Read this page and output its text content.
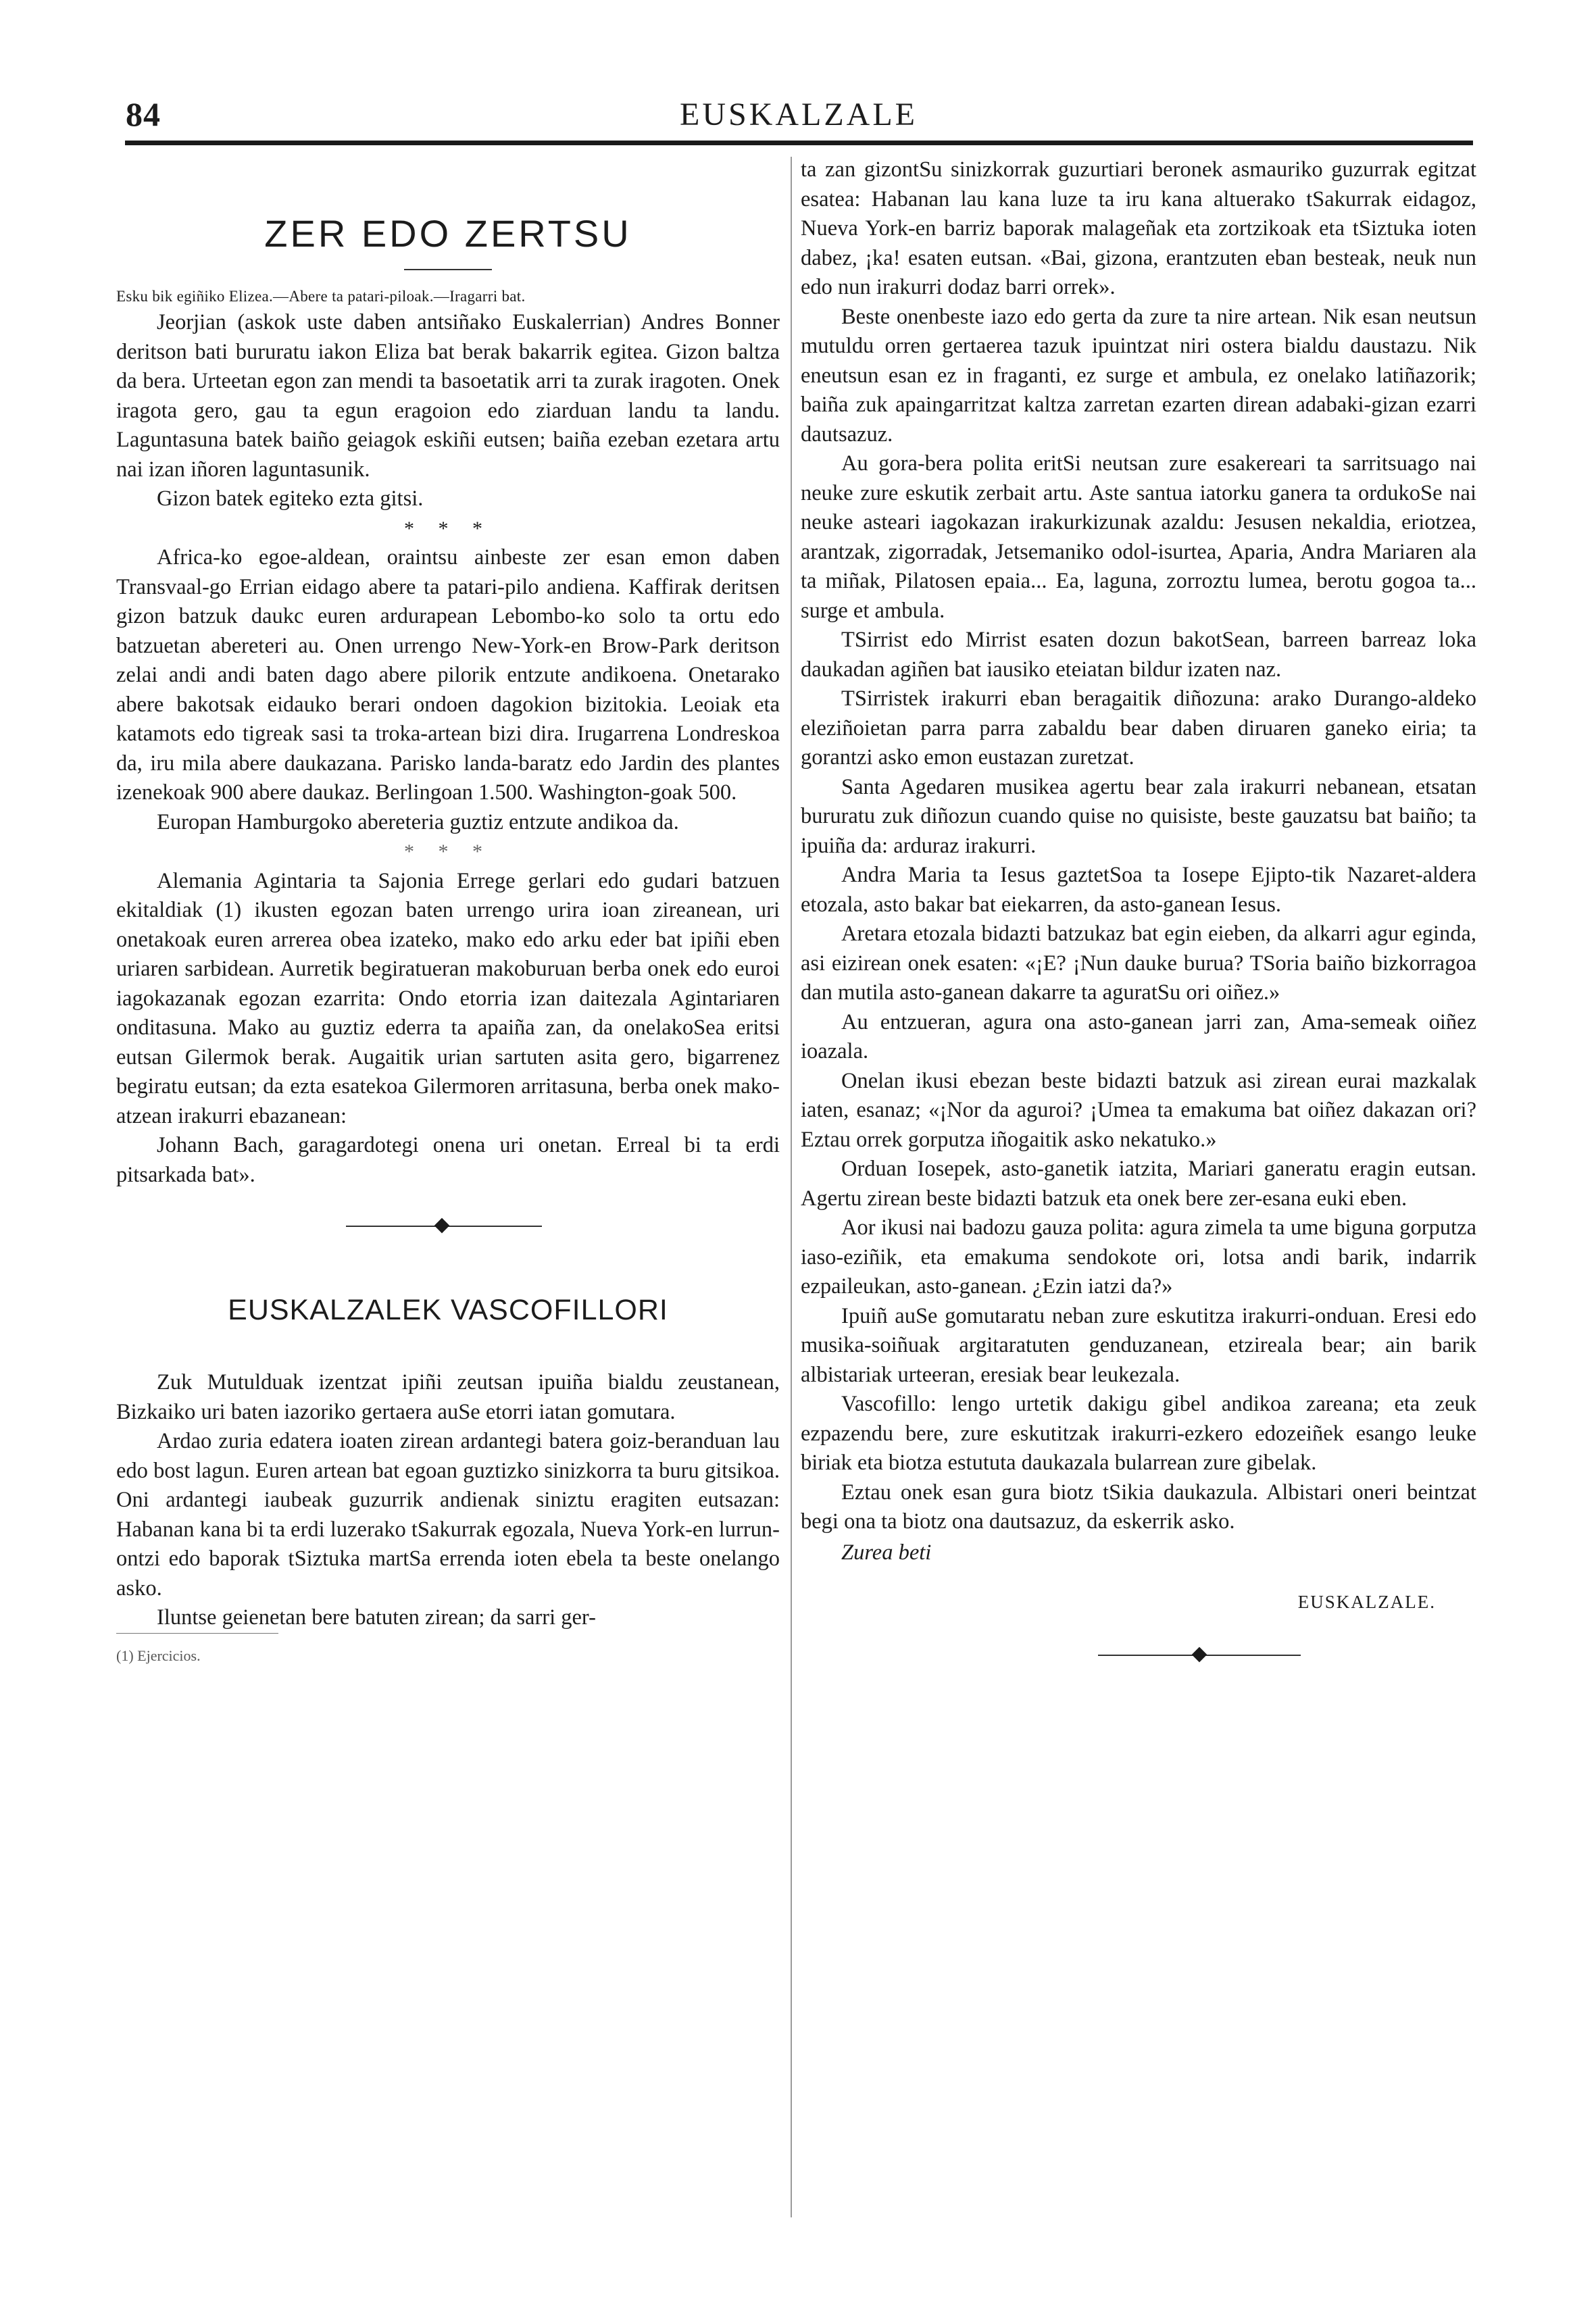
84	EUSKALZALE
ZER EDO ZERTSU

Esku bik egiñiko Elizea.—Abere ta patari-piloak.—Iragarri bat.

Jeorjian (askok uste daben antsiñako Euskalerrian) Andres Bonner deritson bati bururatu iakon Eliza bat berak bakarrik egitea. Gizon baltza da bera. Urteetan egon zan mendi ta basoetatik arri ta zurak iragoten. Onek iragota gero, gau ta egun eragoion edo ziarduan landu ta landu. Laguntasuna batek baiño geiagok eskiñi eutsen; baiña ezeban ezetara artu nai izan iñoren laguntasunik.

Gizon batek egiteko ezta gitsi.

* * *

Africa-ko egoe-aldean, oraintsu ainbeste zer esan emon daben Transvaal-go Errian eidago abere ta patari-pilo andiena. Kaffirak deritsen gizon batzuk daukc euren ardurapean Lebombo-ko solo ta ortu edo batzuetan abereteri au. Onen urrengo New-York-en Brow-Park deritson zelai andi andi baten dago abere pilorik entzute andikoena. Onetarako abere bakotsak eidauko berari ondoen dagokion bizitokia. Leoiak eta katamots edo tigreak sasi ta troka-artean bizi dira. Irugarrena Londreskoa da, iru mila abere daukazana. Parisko landa-baratz edo Jardin des plantes izenekoak 900 abere daukaz. Berlingoan 1.500. Washington-goak 500.

Europan Hamburgoko abereteria guztiz entzute andikoa da.

* * *

Alemania Agintaria ta Sajonia Errege gerlari edo gudari batzuen ekitaldiak (1) ikusten egozan baten urrengo urira ioan zireanean, uri onetakoak euren arrerea obea izateko, mako edo arku eder bat ipiñi eben uriaren sarbidean. Aurretik begiratueran makoburuan berba onek edo euroi iagokazanak egozan ezarrita: Ondo etorria izan daitezala Agintariaren onditasuna. Mako au guztiz ederra ta apaiña zan, da onelakoSea eritsi eutsan Gilermok berak. Augaitik urian sartuten asita gero, bigarrenez begiratu eutsan; da ezta esatekoa Gilermoren arritasuna, berba onek mako-atzean irakurri ebazanean:

Johann Bach, garagardotegi onena uri onetan. Erreal bi ta erdi pitsarkada bat».

EUSKALZALEK VASCOFILLORI

Zuk Mutulduak izentzat ipiñi zeutsan ipuiña bialdu zeustanean, Bizkaiko uri baten iazoriko gertaera auSe etorri iatan gomutara.

Ardao zuria edatera ioaten zirean ardantegi batera goiz-beranduan lau edo bost lagun. Euren artean bat egoan guztizko sinizkorra ta buru gitsikoa. Oni ardantegi iaubeak guzurrik andienak siniztu eragiten eutsazan: Habanan kana bi ta erdi luzerako tSakurrak egozala, Nueva York-en lurrun-ontzi edo baporak tSiztuka martSa errenda ioten ebela ta beste onelango asko.

Iluntse geienetan bere batuten zirean; da sarri ger-

(1) Ejercicios.

ta zan gizontSu sinizkorrak guzurtiari beronek asmauriko guzurrak egitzat esatea: Habanan lau kana luze ta iru kana altuerako tSakurrak eidagoz, Nueva York-en barriz baporak malageñak eta zortzikoak eta tSiztuka ioten dabez, ¡ka! esaten eutsan. «Bai, gizona, erantzuten eban besteak, neuk nun edo nun irakurri dodaz barri orrek».

Beste onenbeste iazo edo gerta da zure ta nire artean. Nik esan neutsun mutuldu orren gertaerea tazuk ipuintzat niri ostera bialdu daustazu. Nik eneutsun esan ez in fraganti, ez surge et ambula, ez onelako latiñazorik; baiña zuk apaingarritzat kaltza zarretan ezarten direan adabaki-gizan ezarri dautsazuz.

Au gora-bera polita eritSi neutsan zure esakereari ta sarritsuago nai neuke zure eskutik zerbait artu. Aste santua iatorku ganera ta ordukoSe nai neuke asteari iagokazan irakurkizunak azaldu: Jesusen nekaldia, eriotzea, arantzak, zigorradak, Jetsemaniko odol-isurtea, Aparia, Andra Mariaren ala ta miñak, Pilatosen epaia... Ea, laguna, zorroztu lumea, berotu gogoa ta... surge et ambula.

TSirrist edo Mirrist esaten dozun bakotSean, barreen barreaz loka daukadan agiñen bat iausiko eteiatan bildur izaten naz.

TSirristek irakurri eban beragaitik diñozuna: arako Durango-aldeko eleziñoietan parra parra zabaldu bear daben diruaren ganeko eiria; ta gorantzi asko emon eustazan zuretzat.

Santa Agedaren musikea agertu bear zala irakurri nebanean, etsatan bururatu zuk diñozun cuando quise no quisiste, beste gauzatsu bat baiño; ta ipuiña da: arduraz irakurri.

Andra Maria ta Iesus gaztetSoa ta Iosepe Ejipto-tik Nazaret-aldera etozala, asto bakar bat eiekarren, da asto-ganean Iesus.

Aretara etozala bidazti batzukaz bat egin eieben, da alkarri agur eginda, asi eizirean onek esaten: «¡E? ¡Nun dauke burua? TSoria baiño bizkorragoa dan mutila asto-ganean dakarre ta aguratSu ori oiñez.»

Au entzueran, agura ona asto-ganean jarri zan, Ama-semeak oiñez ioazala.

Onelan ikusi ebezan beste bidazti batzuk asi zirean eurai mazkalak iaten, esanaz; «¡Nor da aguroi? ¡Umea ta emakuma bat oiñez dakazan ori? Eztau orrek gorputza iñogaitik asko nekatuko.»

Orduan Iosepek, asto-ganetik iatzita, Mariari ganeratu eragin eutsan. Agertu zirean beste bidazti batzuk eta onek bere zer-esana euki eben.

Aor ikusi nai badozu gauza polita: agura zimela ta ume biguna gorputza iaso-eziñik, eta emakuma sendokote ori, lotsa andi barik, indarrik ezpaileukan, asto-ganean. ¿Ezin iatzi da?»

Ipuiñ auSe gomutaratu neban zure eskutitza irakurri-onduan. Eresi edo musika-soiñuak argitaratuten genduzanean, etzireala bear; ain barik albistariak urteeran, eresiak bear leukezala.

Vascofillo: lengo urtetik dakigu gibel andikoa zareana; eta zeuk ezpazendu bere, zure eskutitzak irakurri-ezkero edozeiñek esango leuke biriak eta biotza estututa daukazala bularrean zure gibelak.

Eztau onek esan gura biotz tSikia daukazula. Albistari oneri beintzat begi ona ta biotz ona dautsazuz, da eskerrik asko.

Zurea beti
EUSKALZALE.
